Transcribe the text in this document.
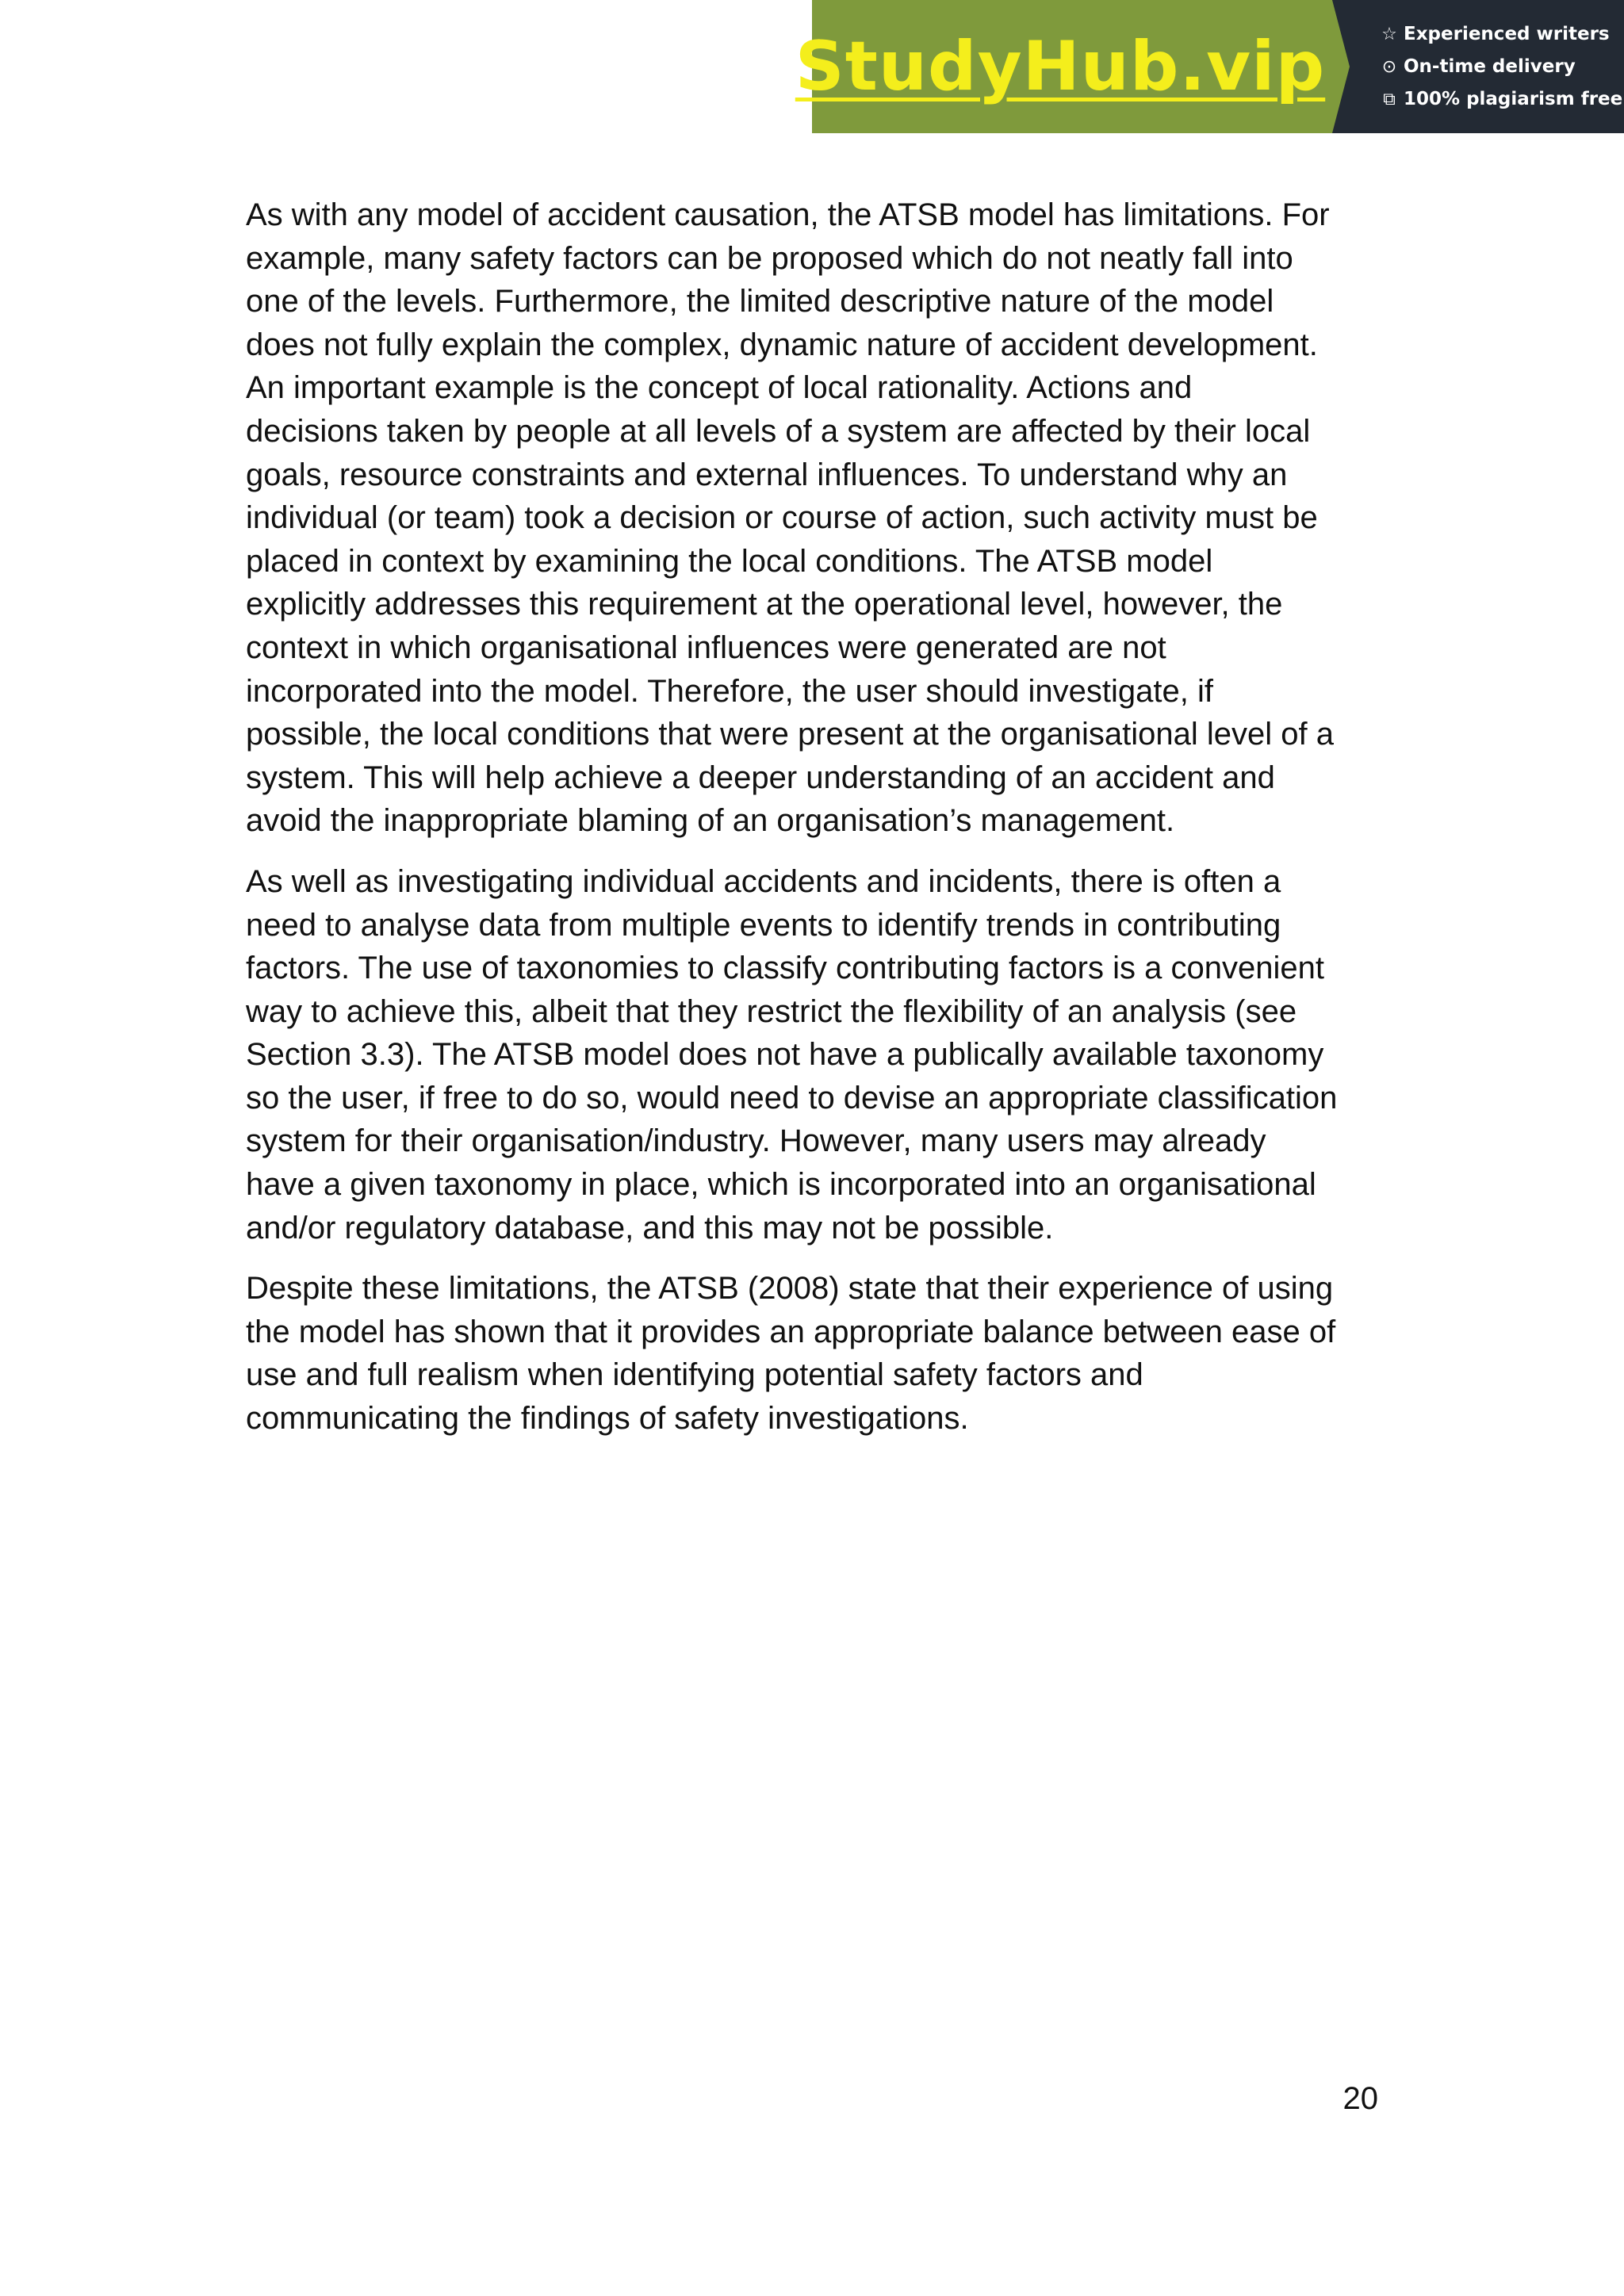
StudyHub.vip	☆ Experienced writers
⊙ On-time delivery
⧉ 100% plagiarism free

As with any model of accident causation, the ATSB model has limitations. For
example, many safety factors can be proposed which do not neatly fall into
one of the levels. Furthermore, the limited descriptive nature of the model
does not fully explain the complex, dynamic nature of accident development.
An important example is the concept of local rationality. Actions and
decisions taken by people at all levels of a system are affected by their local
goals, resource constraints and external influences. To understand why an
individual (or team) took a decision or course of action, such activity must be
placed in context by examining the local conditions. The ATSB model
explicitly addresses this requirement at the operational level, however, the
context in which organisational influences were generated are not
incorporated into the model. Therefore, the user should investigate, if
possible, the local conditions that were present at the organisational level of a
system. This will help achieve a deeper understanding of an accident and
avoid the inappropriate blaming of an organisation’s management.

As well as investigating individual accidents and incidents, there is often a
need to analyse data from multiple events to identify trends in contributing
factors. The use of taxonomies to classify contributing factors is a convenient
way to achieve this, albeit that they restrict the flexibility of an analysis (see
Section 3.3). The ATSB model does not have a publically available taxonomy
so the user, if free to do so, would need to devise an appropriate classification
system for their organisation/industry. However, many users may already
have a given taxonomy in place, which is incorporated into an organisational
and/or regulatory database, and this may not be possible.

Despite these limitations, the ATSB (2008) state that their experience of using
the model has shown that it provides an appropriate balance between ease of
use and full realism when identifying potential safety factors and
communicating the findings of safety investigations.

20
